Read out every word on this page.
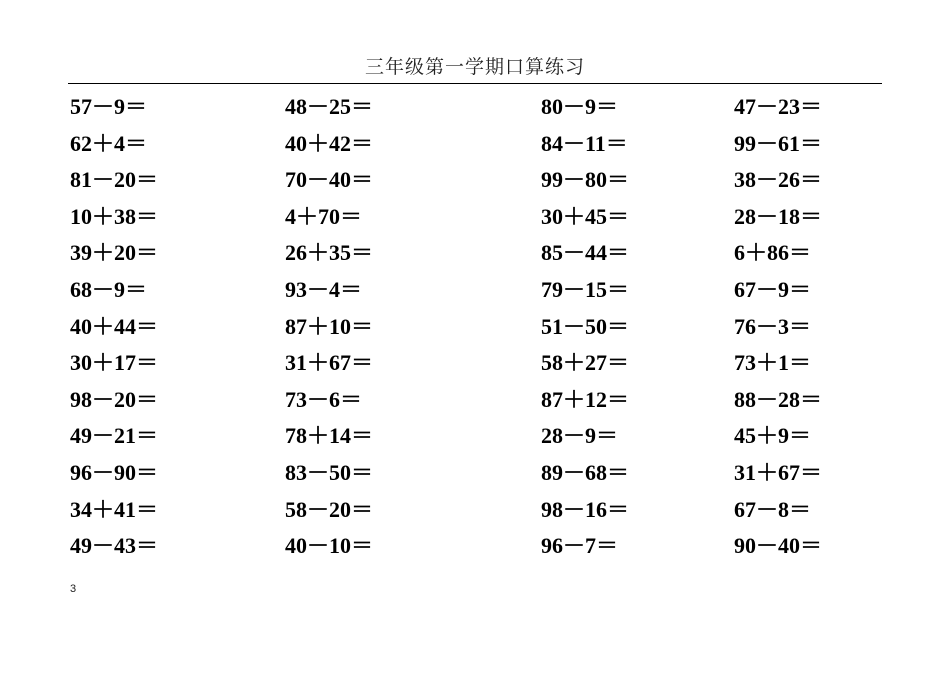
三年级第一学期口算练习
57－9＝	48－25＝	80－9＝	47－23＝
62＋4＝	40＋42＝	84－11＝	99－61＝
81－20＝	70－40＝	99－80＝	38－26＝
10＋38＝	4＋70＝	30＋45＝	28－18＝
39＋20＝	26＋35＝	85－44＝	6＋86＝
68－9＝	93－4＝	79－15＝	67－9＝
40＋44＝	87＋10＝	51－50＝	76－3＝
30＋17＝	31＋67＝	58＋27＝	73＋1＝
98－20＝	73－6＝	87＋12＝	88－28＝
49－21＝	78＋14＝	28－9＝	45＋9＝
96－90＝	83－50＝	89－68＝	31＋67＝
34＋41＝	58－20＝	98－16＝	67－8＝
49－43＝	40－10＝	96－7＝	90－40＝
3
